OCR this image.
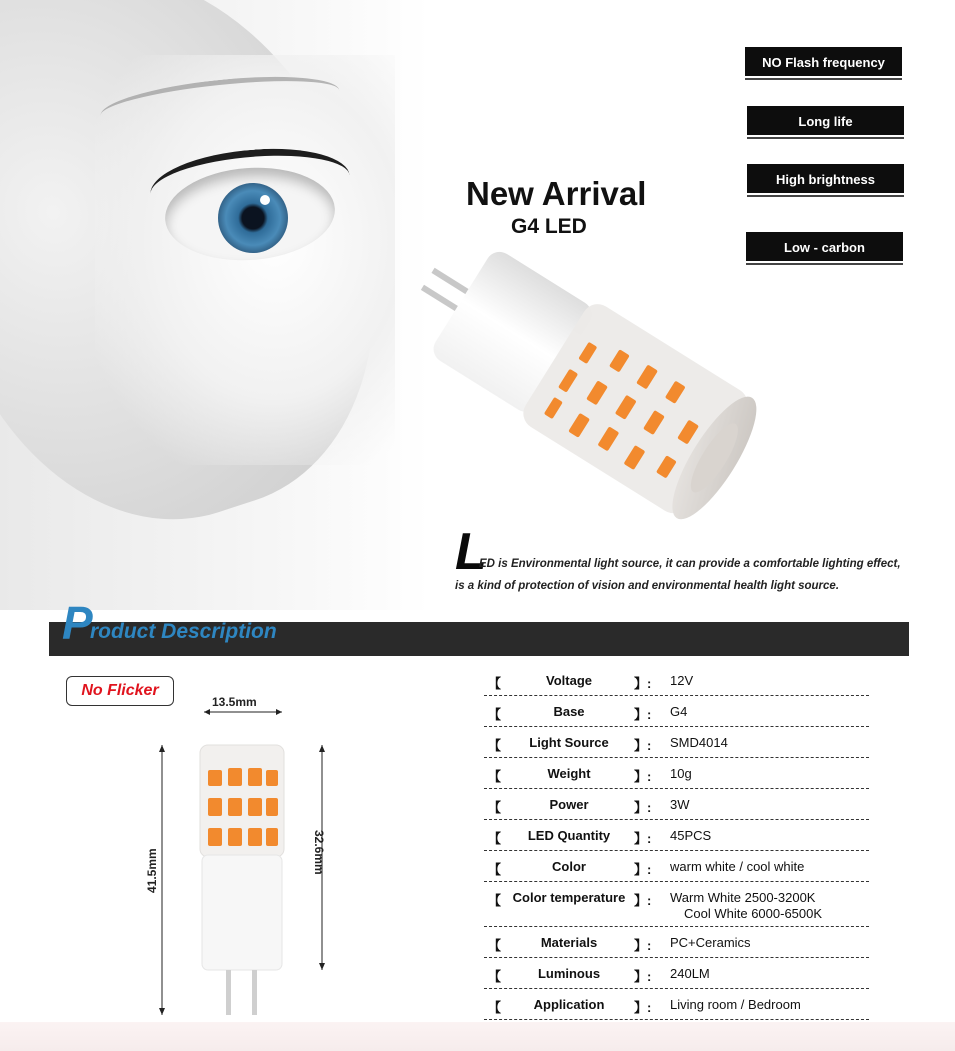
New Arrival
G4 LED
NO Flash frequency
Long life
High brightness
Low - carbon
L
ED is Environmental light source, it can provide a comfortable lighting effect,
is a kind of protection of vision and environmental health light source.
P
roduct Description
No Flicker
13.5mm
41.5mm	32.6mm
【	Voltage	】: 12V
【	Base	】: G4
【	Light Source	】: SMD4014
【	Weight	】: 10g
【	Power	】: 3W
【	LED Quantity	】: 45PCS
【	Color	】: warm white / cool white
【 Color temperature 】: Warm White 2500-3200K
Cool White 6000-6500K
【	Materials	】: PC+Ceramics
【	Luminous	】: 240LM
【	Application	】: Living room / Bedroom
